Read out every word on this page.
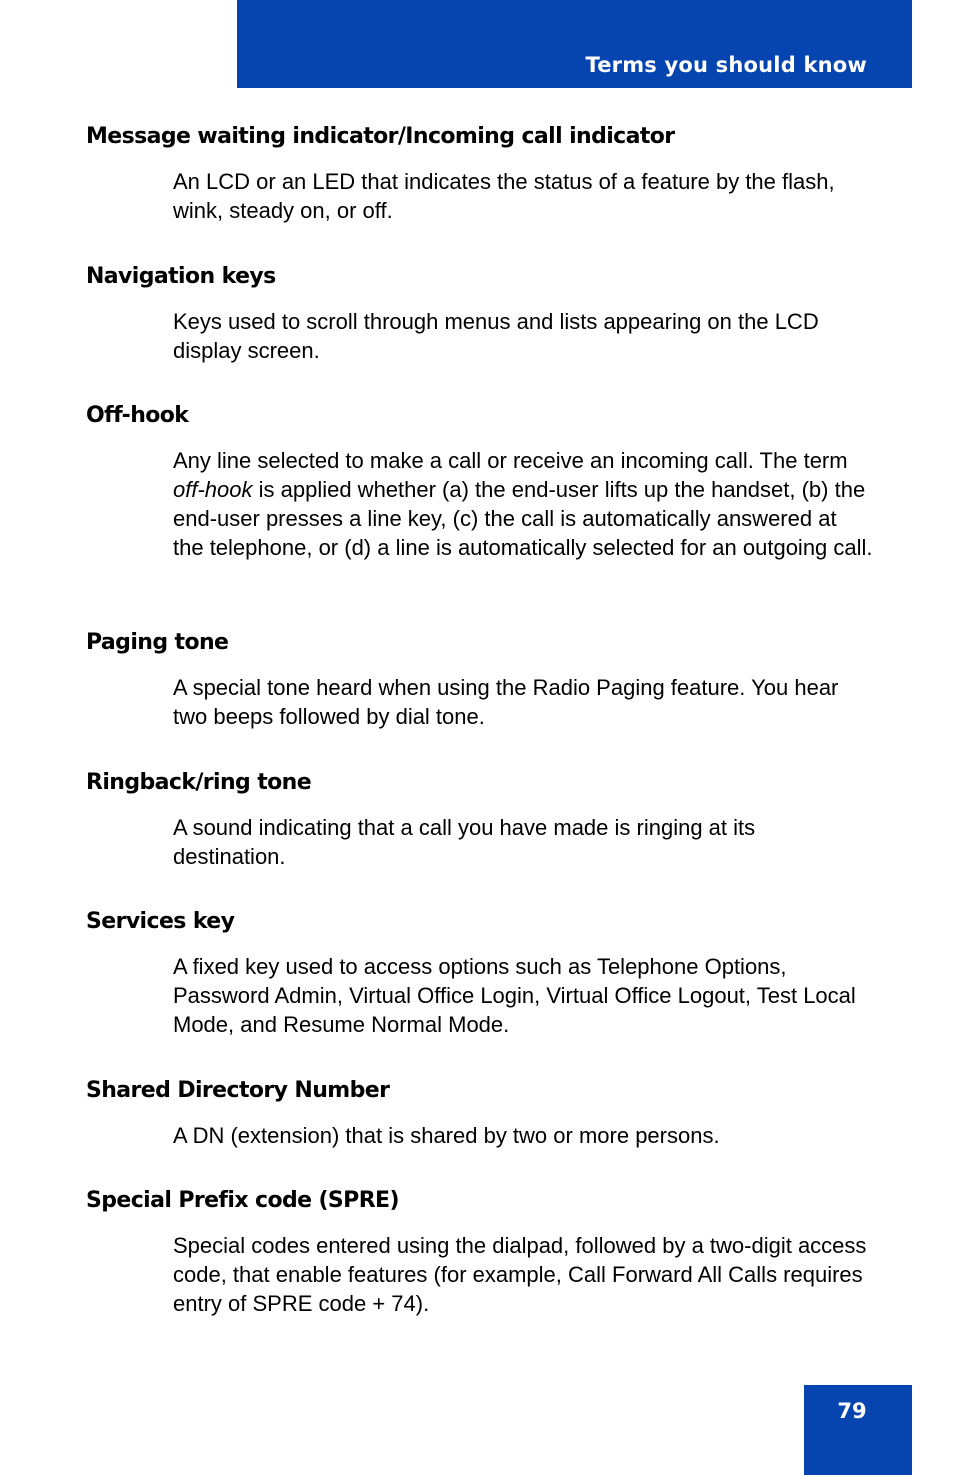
Terms you should know
Message waiting indicator/Incoming call indicator

An LCD or an LED that indicates the status of a feature by the flash, wink, steady on, or off.

Navigation keys

Keys used to scroll through menus and lists appearing on the LCD display screen.

Off-hook

Any line selected to make a call or receive an incoming call. The term off-hook is applied whether (a) the end-user lifts up the handset, (b) the end-user presses a line key, (c) the call is automatically answered at the telephone, or (d) a line is automatically selected for an outgoing call.

Paging tone

A special tone heard when using the Radio Paging feature. You hear two beeps followed by dial tone.

Ringback/ring tone

A sound indicating that a call you have made is ringing at its destination.

Services key

A fixed key used to access options such as Telephone Options, Password Admin, Virtual Office Login, Virtual Office Logout, Test Local Mode, and Resume Normal Mode.

Shared Directory Number

A DN (extension) that is shared by two or more persons.

Special Prefix code (SPRE)

Special codes entered using the dialpad, followed by a two-digit access code, that enable features (for example, Call Forward All Calls requires entry of SPRE code + 74).

79
